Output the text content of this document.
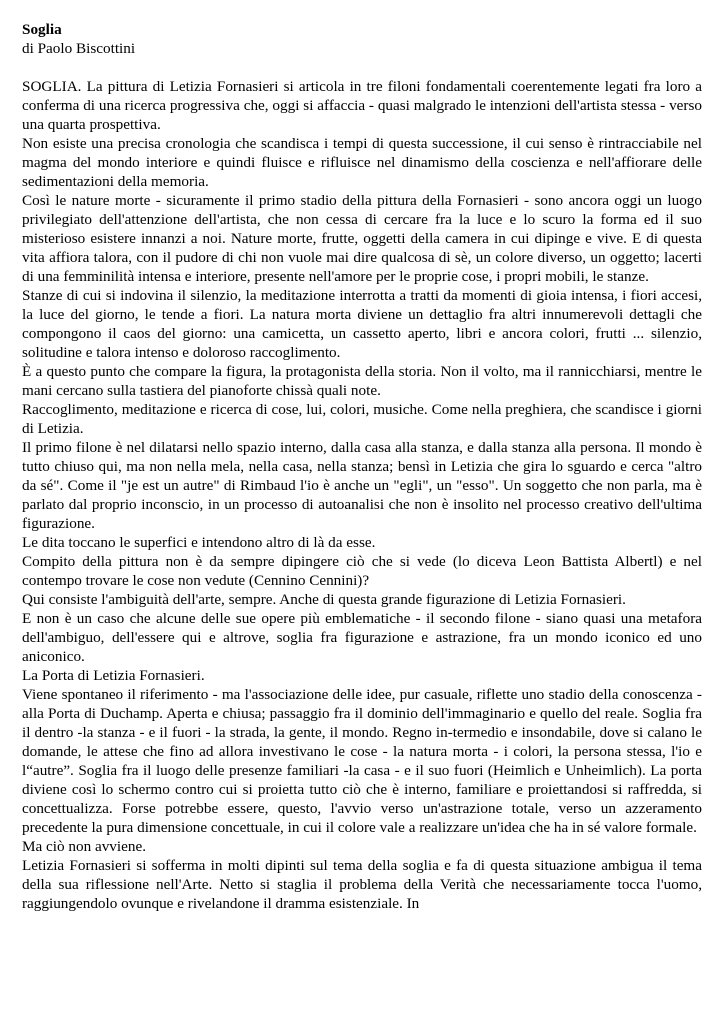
Soglia

di Paolo Biscottini

SOGLIA. La pittura di Letizia Fornasieri si articola in tre filoni fondamentali coerentemente legati fra loro a conferma di una ricerca progressiva che, oggi si affaccia - quasi malgrado le intenzioni dell'artista stessa - verso una quarta prospettiva.

Non esiste una precisa cronologia che scandisca i tempi di questa successione, il cui senso è rintracciabile nel magma del mondo interiore e quindi fluisce e rifluisce nel dinamismo della coscienza e nell'affiorare delle sedimentazioni della memoria.

Così le nature morte - sicuramente il primo stadio della pittura della Fornasieri - sono ancora oggi un luogo privilegiato dell'attenzione dell'artista, che non cessa di cercare fra la luce e lo scuro la forma ed il suo misterioso esistere innanzi a noi. Nature morte, frutte, oggetti della camera in cui dipinge e vive. E di questa vita affiora talora, con il pudore di chi non vuole mai dire qualcosa di sè, un colore diverso, un oggetto; lacerti di una femminilità intensa e interiore, presente nell'amore per le proprie cose, i propri mobili, le stanze.

Stanze di cui si indovina il silenzio, la meditazione interrotta a tratti da momenti di gioia intensa, i fiori accesi, la luce del giorno, le tende a fiori. La natura morta diviene un dettaglio fra altri innumerevoli dettagli che compongono il caos del giorno: una camicetta, un cassetto aperto, libri e ancora colori, frutti ... silenzio, solitudine e talora intenso e doloroso raccoglimento.

È a questo punto che compare la figura, la protagonista della storia. Non il volto, ma il rannicchiarsi, mentre le mani cercano sulla tastiera del pianoforte chissà quali note.

Raccoglimento, meditazione e ricerca di cose, lui, colori, musiche. Come nella preghiera, che scandisce i giorni di Letizia.

Il primo filone è nel dilatarsi nello spazio interno, dalla casa alla stanza, e dalla stanza alla persona. Il mondo è tutto chiuso qui, ma non nella mela, nella casa, nella stanza; bensì in Letizia che gira lo sguardo e cerca "altro da sé". Come il "je est un autre" di Rimbaud l'io è anche un "egli", un "esso". Un soggetto che non parla, ma è parlato dal proprio inconscio, in un processo di autoanalisi che non è insolito nel processo creativo dell'ultima figurazione.

Le dita toccano le superfici e intendono altro di là da esse.

Compito della pittura non è da sempre dipingere ciò che si vede (lo diceva Leon Battista Albertl) e nel contempo trovare le cose non vedute (Cennino Cennini)?

Qui consiste l'ambiguità dell'arte, sempre. Anche di questa grande figurazione di Letizia Fornasieri.

E non è un caso che alcune delle sue opere più emblematiche - il secondo filone - siano quasi una metafora dell'ambiguo, dell'essere qui e altrove, soglia fra figurazione e astrazione, fra un mondo iconico ed uno aniconico.

La Porta di Letizia Fornasieri.

Viene spontaneo il riferimento - ma l'associazione delle idee, pur casuale, riflette uno stadio della conoscenza - alla Porta di Duchamp. Aperta e chiusa; passaggio fra il dominio dell'immaginario e quello del reale. Soglia fra il dentro -la stanza - e il fuori - la strada, la gente, il mondo. Regno in-termedio e insondabile, dove si calano le domande, le attese che fino ad allora investivano le cose - la natura morta - i colori, la persona stessa, l'io e l“autre”. Soglia fra il luogo delle presenze familiari -la casa - e il suo fuori (Heimlich e Unheimlich). La porta diviene così lo schermo contro cui si proietta tutto ciò che è interno, familiare e proiettandosi si raffredda, si concettualizza. Forse potrebbe essere, questo, l'avvio verso un'astrazione totale, verso un azzeramento precedente la pura dimensione concettuale, in cui il colore vale a realizzare un'idea che ha in sé valore formale.

Ma ciò non avviene.

Letizia Fornasieri si sofferma in molti dipinti sul tema della soglia e fa di questa situazione ambigua il tema della sua riflessione nell'Arte. Netto si staglia il problema della Verità che necessariamente tocca l'uomo, raggiungendolo ovunque e rivelandone il dramma esistenziale. In
